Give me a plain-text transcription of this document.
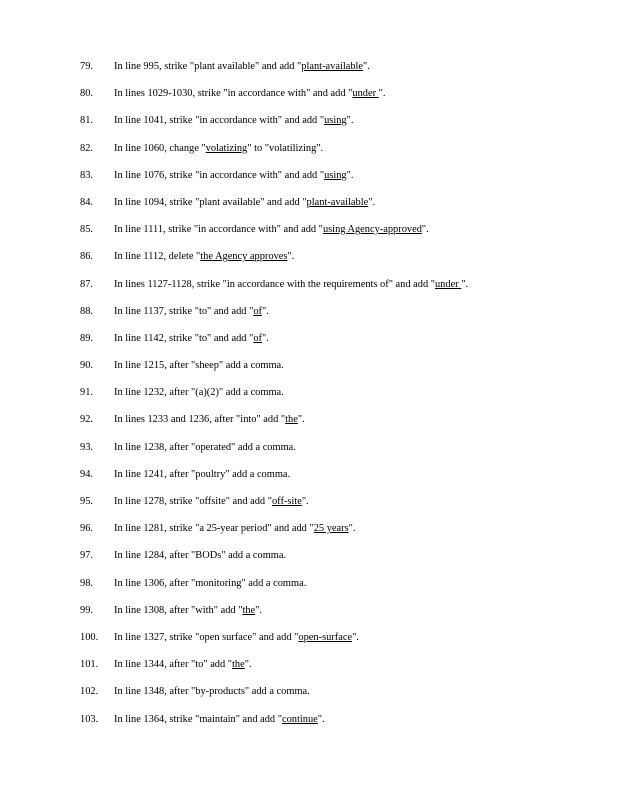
79. In line 995, strike "plant available" and add "plant-available".
80. In lines 1029-1030, strike "in accordance with" and add "under ".
81. In line 1041, strike "in accordance with" and add "using".
82. In line 1060, change "volatizing" to "volatilizing".
83. In line 1076, strike "in accordance with" and add "using".
84. In line 1094, strike "plant available" and add "plant-available".
85. In line 1111, strike "in accordance with" and add "using Agency-approved".
86. In line 1112, delete "the Agency approves".
87. In lines 1127-1128, strike "in accordance with the requirements of" and add "under ".
88. In line 1137, strike "to" and add "of".
89. In line 1142, strike "to" and add "of".
90. In line 1215, after "sheep" add a comma.
91. In line 1232, after "(a)(2)" add a comma.
92. In lines 1233 and 1236, after "into" add "the".
93. In line 1238, after "operated" add a comma.
94. In line 1241, after "poultry" add a comma.
95. In line 1278, strike "offsite" and add "off-site".
96. In line 1281, strike "a 25-year period" and add "25 years".
97. In line 1284, after "BODs" add a comma.
98. In line 1306, after "monitoring" add a comma.
99. In line 1308, after "with" add "the".
100. In line 1327, strike "open surface" and add "open-surface".
101. In line 1344, after "to" add "the".
102. In line 1348, after "by-products" add a comma.
103. In line 1364, strike "maintain" and add "continue".
